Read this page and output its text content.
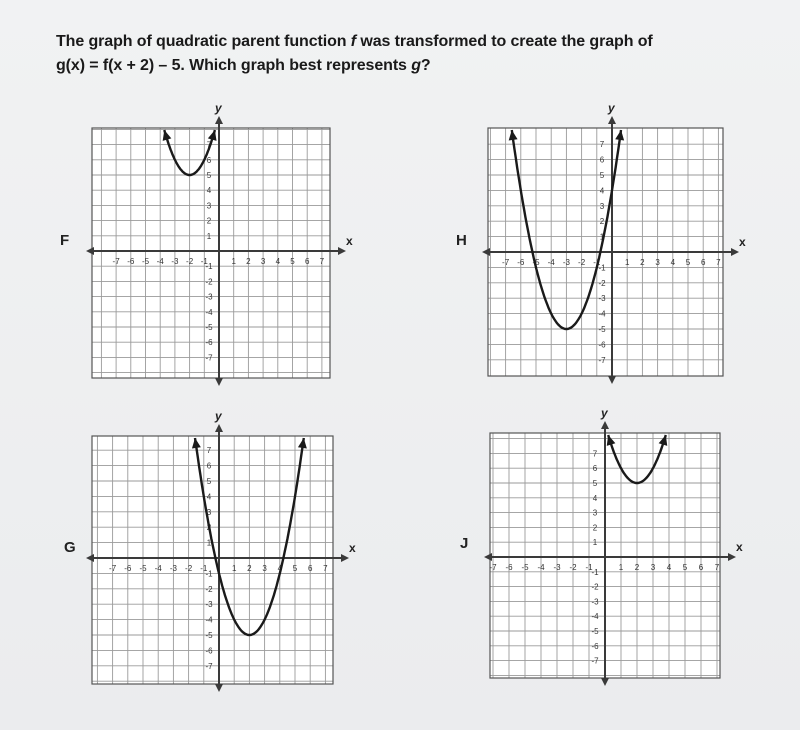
The graph of quadratic parent function f was transformed to create the graph of
g(x) = f(x + 2) – 5. Which graph best represents g?
F	x
y
-7 -6 -5 -4 -3 -2 -1	1 2 3 4 5 6 7
7
6
5
4
3
2
1
-1
-2
-3
-4
-5
-6
-7
H	x
y
-7 -6 -5 -4 -3 -2 -1	1 2 3 4 5 6 7
7
6
5
4
3
2
1
-1
-2
-3
-4
-5
-6
-7
G	x
y
-7 -6 -5 -4 -3 -2 -1	1 2 3 4 5 6 7
7
6
5
4
3
2
1
-1
-2
-3
-4
-5
-6
-7
J	x
y
-7 -6 -5 -4 -3 -2 -1	1 2 3 4 5 6 7
7
6
5
4
3
2
1
-1
-2
-3
-4
-5
-6
-7
